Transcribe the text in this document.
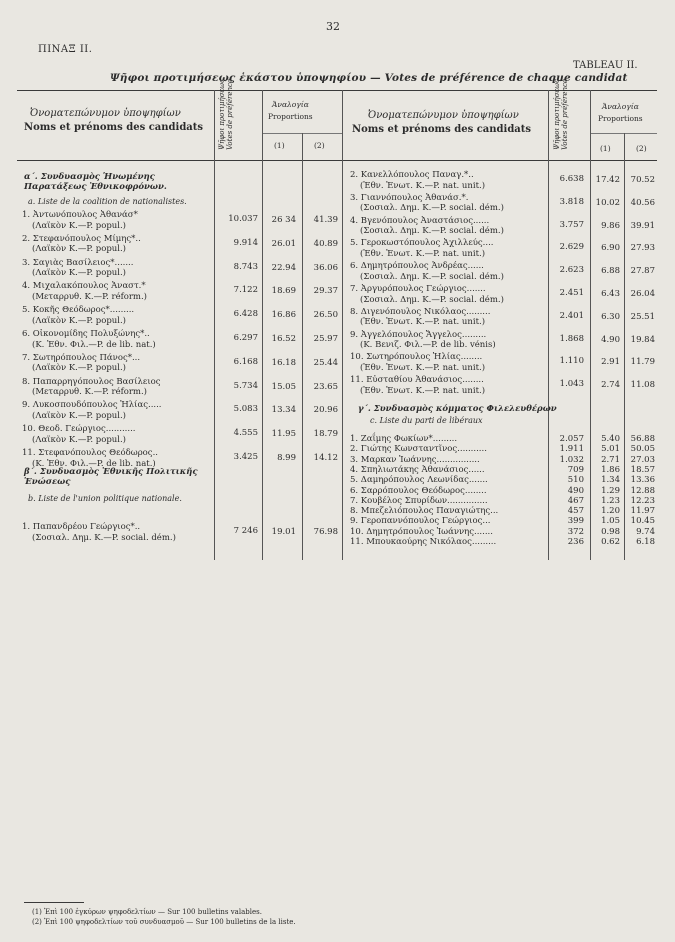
32
ΠΙΝΑΞ ΙΙ.
TABLEAU II.
Ψῆφοι προτιμήσεως ἑκάστου ὑποψηφίου — Votes de préférence de chaque candidat
Ὀνοματεπώνυμον ὑποψηφίων
Noms et prénoms des candidats
Ψῆφοι προτιμήσεως
Votes de préférence	Ἀναλογία
Proportions
(1)	(2)
Ὀνοματεπώνυμον ὑποψηφίων
Noms et prénoms des candidats	Ψῆφοι προτιμήσεως
Votes de préférence	Ἀναλογία
Proportions
(1)	(2)
α΄. Συνδυασμὸς Ἡνωμένης Παρατάξεως Ἐθνικοφρόνων.
a. Liste de la coalition de nationalistes.
1. Ἀντωνόπουλος Ἀθανάσ*
(Λαϊκὸν Κ.—P. popul.)
10.037 26 34 41.39
2. Στεφανόπουλος Μίμης*..
(Λαϊκὸν Κ.—P. popul.)
9.914 26.01 40.89
3. Σαγιὰς Βασίλειος*.......
(Λαϊκὸν Κ.—P. popul.)
8.743 22.94 36.06
4. Μιχαλακόπουλος Ἀναστ.*
(Μεταρρυθ. Κ.—P. réform.)
7.122 18.69 29.37
5. Κοκῆς Θεόδωρος*.........
(Λαϊκὸν Κ.—P. popul.)
6.428 16.86 26.50
6. Οἰκονομίδης Πολυξώνης*..
(Κ. Ἐθν. Φιλ.—P. de lib. nat.)
6.297 16.52 25.97
7. Σωτηρόπουλος Πάνος*...
(Λαϊκὸν Κ.—P. popul.)
6.168 16.18 25.44
8. Παπαρρηγόπουλος Βασίλειος
(Μεταρρυθ. Κ.—P. réform.)
5.734 15.05 23.65
9. Λυκοσπουδόπουλος Ἠλίας.....
(Λαϊκὸν Κ.—P. popul.)
5.083 13.34 20.96
10. Θεοδ. Γεώργιος...........
(Λαϊκὸν Κ.—P. popul.)
4.555 11.95 18.79
11. Στεφανόπουλος Θεόδωρος..
(Κ. Ἐθν. Φιλ.—P. de lib. nat.)
3.425 8.99 14.12
β΄. Συνδυασμὸς Ἐθνικῆς Πολιτικῆς Ἑνώσεως
b. Liste de l'union politique nationale.
1. Παπανδρέου Γεώργιος*..
(Σοσιαλ. Δημ. Κ.—P. social. dém.)
7 246 19.01 76.98
2. Κανελλόπουλος Παναγ.*..
(Ἐθν. Ἑνωτ. Κ.—P. nat. unit.)
6.638 17.42 70.52
3. Γιαννόπουλος Ἀθανάσ.*.
(Σοσιαλ. Δημ. Κ.—P. social. dém.)
3.818 10.02 40.56
4. Βγενόπουλος Ἀναστάσιος......
(Σοσιαλ. Δημ. Κ.—P. social. dém.)
3.757 9.86 39.91
5. Γεροκωστόπουλος Ἀχιλλεύς....
(Ἐθν. Ἑνωτ. Κ.—P. nat. unit.)
2.629 6.90 27.93
6. Δημητρόπουλος Ἀνδρέας......
(Σοσιαλ. Δημ. Κ.—P. social. dém.)
2.623 6.88 27.87
7. Ἀργυρόπουλος Γεώργιος.......
(Σοσιαλ. Δημ. Κ.—P. social. dém.)
2.451 6.43 26.04
8. Διγενόπουλος Νικόλαος.........
(Ἐθν. Ἑνωτ. Κ.—P. nat. unit.)
2.401 6.30 25.51
9. Ἀγγελόπουλος Ἄγγελος.........
(Κ. Βενιζ. Φιλ.—P. de lib. vénis)
1.868 4.90 19.84
10. Σωτηρόπουλος Ἠλίας........
(Ἐθν. Ἑνωτ. Κ.—P. nat. unit.)
1.110 2.91 11.79
11. Εὐσταθίου Ἀθανάσιος........
(Ἐθν. Ἑνωτ. Κ.—P. nat. unit.)
1.043 2.74 11.08
γ΄. Συνδυασμὸς κόμματος Φιλελευθέρων
c. Liste du parti de libéraux
1. Ζαΐμης Φωκίων*.........	2.057 5.40 56.88
2. Γιώτης Κωνσταντῖνος...........	1.911 5.01 50.05
3. Μαρκαν Ἰωάννης................	1.032 2.71 27.03
4. Σπηλιωτάκης Ἀθανάσιος......	709 1.86 18.57
5. Δαμηρόπουλος Λεωνίδας.......	510 1.34 13.36
6. Σαρρόπουλος Θεόδωρος........	490 1.29 12.88
7. Κουβέλος Σπυρίδων...............	467 1.23 12.23
8. Μπεζελιόπουλος Παναγιώτης...	457 1.20 11.97
9. Γεροπαννόπουλος Γεώργιος...	399 1.05 10.45
10. Δημητρόπουλος Ἰωάννης.......	372 0.98 9.74
11. Μπουκαούρης Νικόλαος.........	236 0.62 6.18
(1) Ἐπὶ 100 ἐγκύρων ψηφοδελτίων — Sur 100 bulletins valables.
(2) Ἐπὶ 100 ψηφοδελτίων τοῦ συνδυασμοῦ — Sur 100 bulletins de la liste.
